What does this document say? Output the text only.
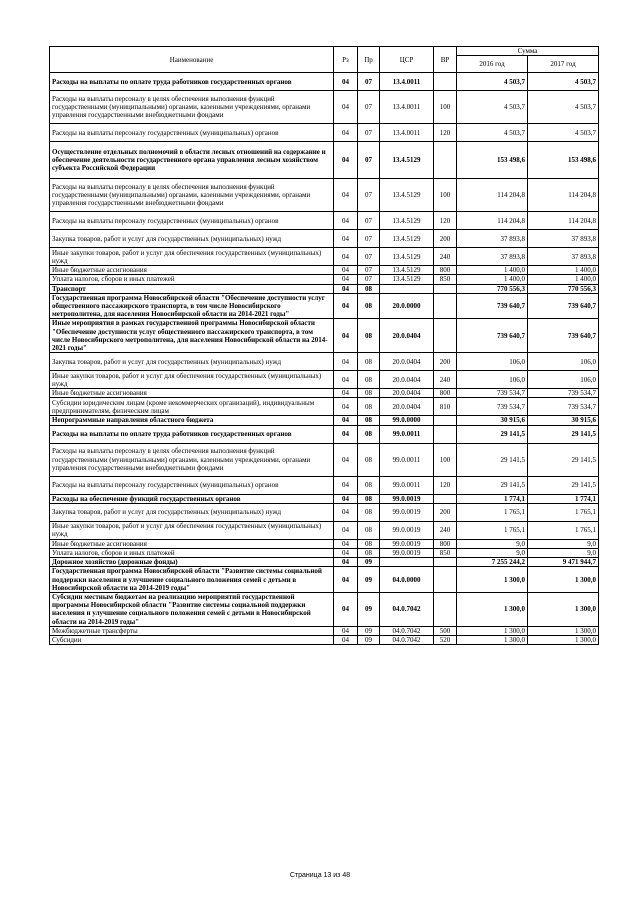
Наименование	Рз	Пр	ЦСР	ВР	Сумма	
					2016 год	2017 год
Расходы на выплаты по оплате труда работников государственных органов	04	07	13.4.0011		4 503,7	4 503,7
Расходы на выплаты персоналу в целях обеспечения выполнения функций государственными (муниципальными) органами, казенными учреждениями, органами управления государственными внебюджетными фондами	04	07	13.4.0011	100	4 503,7	4 503,7
Расходы на выплаты персоналу государственных (муниципальных) органов	04	07	13.4.0011	120	4 503,7	4 503,7
Осуществление отдельных полномочий в области лесных отношений на содержание и обеспечение деятельности государственного органа управления лесным хозяйством субъекта Российской Федерации	04	07	13.4.5129		153 498,6	153 498,6
Расходы на выплаты персоналу в целях обеспечения выполнения функций государственными (муниципальными) органами, казенными учреждениями, органами управления государственными внебюджетными фондами	04	07	13.4.5129	100	114 204,8	114 204,8
Расходы на выплаты персоналу государственных (муниципальных) органов	04	07	13.4.5129	120	114 204,8	114 204,8
Закупка товаров, работ и услуг для государственных (муниципальных) нужд	04	07	13.4.5129	200	37 893,8	37 893,8
Иные закупки товаров, работ и услуг для обеспечения государственных (муниципальных) нужд	04	07	13.4.5129	240	37 893,8	37 893,8
Иные бюджетные ассигнования	04	07	13.4.5129	800	1 400,0	1 400,0
Уплата налогов, сборов и иных платежей	04	07	13.4.5129	850	1 400,0	1 400,0
Транспорт	04	08			770 556,3	770 556,3
Государственная программа Новосибирской области "Обеспечение доступности услуг общественного пассажирского транспорта, в том числе Новосибирского метрополитена, для населения Новосибирской области на 2014-2021 годы"	04	08	20.0.0000		739 640,7	739 640,7
Иные мероприятия в рамках государственной программы Новосибирской области "Обеспечение доступности услуг общественного пассажирского транспорта, в том числе Новосибирского метрополитена, для населения Новосибирской области на 2014-2021 годы"	04	08	20.0.0404		739 640,7	739 640,7
Закупка товаров, работ и услуг для государственных (муниципальных) нужд	04	08	20.0.0404	200	106,0	106,0
Иные закупки товаров, работ и услуг для обеспечения государственных (муниципальных) нужд	04	08	20.0.0404	240	106,0	106,0
Иные бюджетные ассигнования	04	08	20.0.0404	800	739 534,7	739 534,7
Субсидии юридическим лицам (кроме некоммерческих организаций), индивидуальным предпринимателям, физическим лицам	04	08	20.0.0404	810	739 534,7	739 534,7
Непрограммные направления областного бюджета	04	08	99.0.0000		30 915,6	30 915,6
Расходы на выплаты по оплате труда работников государственных органов	04	08	99.0.0011		29 141,5	29 141,5
Расходы на выплаты персоналу в целях обеспечения выполнения функций государственными (муниципальными) органами, казенными учреждениями, органами управления государственными внебюджетными фондами	04	08	99.0.0011	100	29 141,5	29 141,5
Расходы на выплаты персоналу государственных (муниципальных) органов	04	08	99.0.0011	120	29 141,5	29 141,5
Расходы на обеспечение функций государственных органов	04	08	99.0.0019		1 774,1	1 774,1
Закупка товаров, работ и услуг для государственных (муниципальных) нужд	04	08	99.0.0019	200	1 765,1	1 765,1
Иные закупки товаров, работ и услуг для обеспечения государственных (муниципальных) нужд	04	08	99.0.0019	240	1 765,1	1 765,1
Иные бюджетные ассигнования	04	08	99.0.0019	800	9,0	9,0
Уплата налогов, сборов и иных платежей	04	08	99.0.0019	850	9,0	9,0
Дорожное хозяйство (дорожные фонды)	04	09			7 255 244,2	9 471 944,7
Государственная программа Новосибирской области "Развитие системы социальной поддержки населения и улучшение социального положения семей с детьми в Новосибирской области на 2014-2019 годы"	04	09	04.0.0000		1 300,0	1 300,0
Субсидии местным бюджетам на реализацию мероприятий государственной программы Новосибирской области "Развитие системы социальной поддержки населения и улучшение социального положения семей с детьми в Новосибирской области на 2014-2019 годы"	04	09	04.0.7042		1 300,0	1 300,0
Межбюджетные трансферты	04	09	04.0.7042	500	1 300,0	1 300,0
Субсидии	04	09	04.0.7042	520	1 300,0	1 300,0
Страница 13 из 48
